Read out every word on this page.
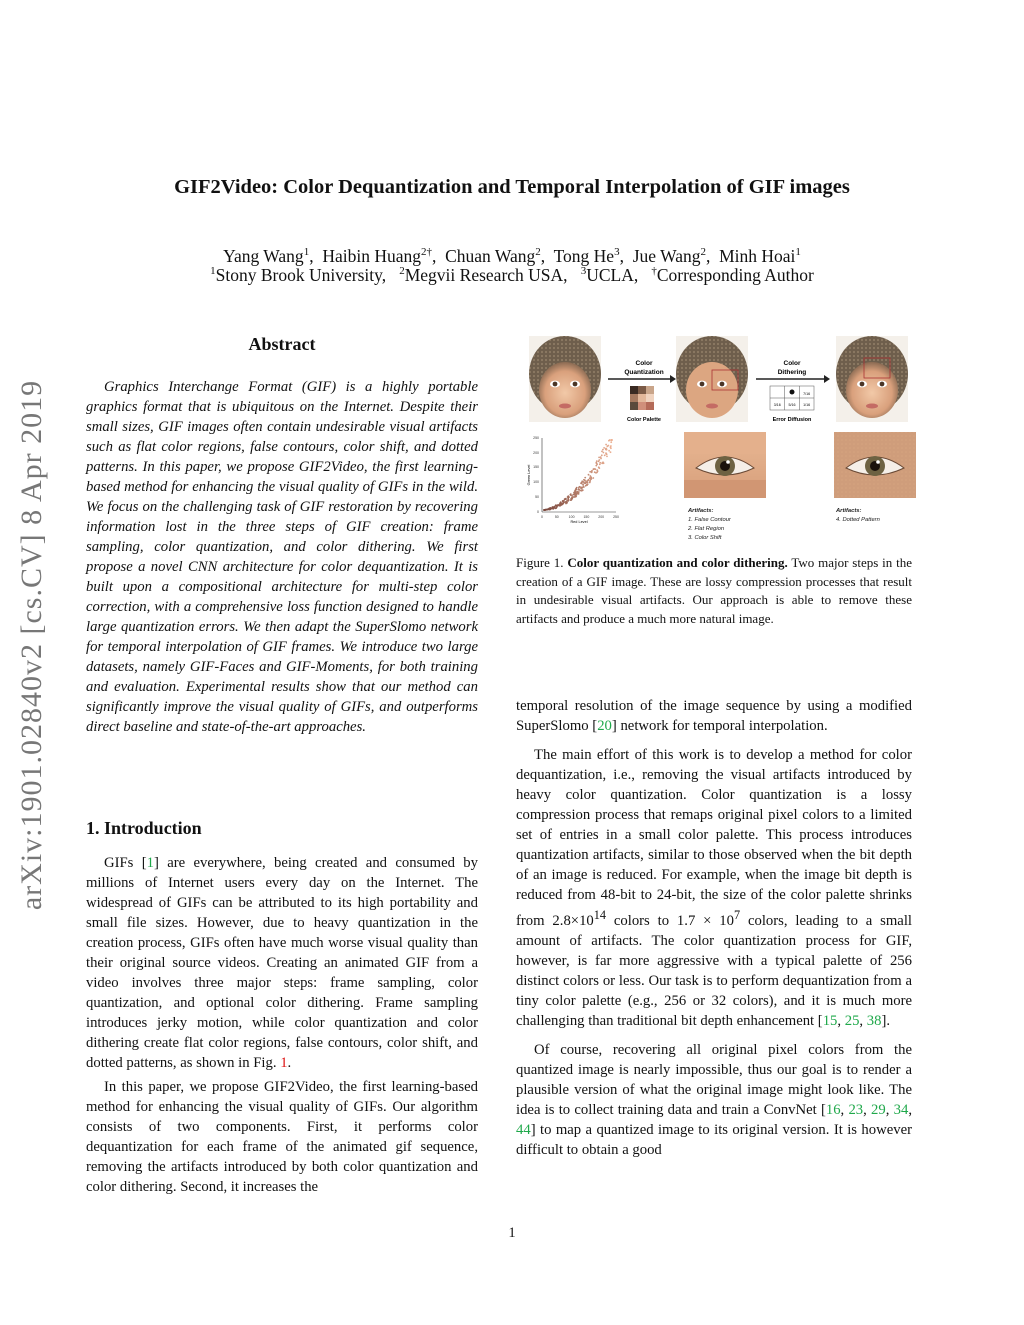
arXiv:1901.02840v2 [cs.CV] 8 Apr 2019
GIF2Video: Color Dequantization and Temporal Interpolation of GIF images
Yang Wang$^1$,  Haibin Huang$^{2\dagger}$,  Chuan Wang$^2$,  Tong He$^3$,  Jue Wang$^2$,  Minh Hoai$^1$
$^1$Stony Brook University, $^2$Megvii Research USA, $^3$UCLA, †Corresponding Author
Abstract
Graphics Interchange Format (GIF) is a highly portable graphics format that is ubiquitous on the Internet. Despite their small sizes, GIF images often contain undesirable visual artifacts such as flat color regions, false contours, color shift, and dotted patterns. In this paper, we propose GIF2Video, the first learning-based method for enhancing the visual quality of GIFs in the wild. We focus on the challenging task of GIF restoration by recovering information lost in the three steps of GIF creation: frame sampling, color quantization, and color dithering. We first propose a novel CNN architecture for color dequantization. It is built upon a compositional architecture for multi-step color correction, with a comprehensive loss function designed to handle large quantization errors. We then adapt the SuperSlomo network for temporal interpolation of GIF frames. We introduce two large datasets, namely GIF-Faces and GIF-Moments, for both training and evaluation. Experimental results show that our method can significantly improve the visual quality of GIFs, and outperforms direct baseline and state-of-the-art approaches.
1. Introduction

GIFs [1] are everywhere, being created and consumed by millions of Internet users every day on the Internet. The widespread of GIFs can be attributed to its high portability and small file sizes. However, due to heavy quantization in the creation process, GIFs often have much worse visual quality than their original source videos. Creating an animated GIF from a video involves three major steps: frame sampling, color quantization, and optional color dithering. Frame sampling introduces jerky motion, while color quantization and color dithering create flat color regions, false contours, color shift, and dotted patterns, as shown in Fig. 1.

In this paper, we propose GIF2Video, the first learning-based method for enhancing the visual quality of GIFs. Our algorithm consists of two components. First, it performs color dequantization for each frame of the animated gif sequence, removing the artifacts introduced by both color quantization and color dithering. Second, it increases the

Color
Quantization
Color Palette
Color
Dithering
7/16
3/16 5/16 1/16
Error Diffusion
0	50	100	150	200	250
0
50
100
150
200
250
Red Level
Green Level
Artifacts:
1. False Contour
2. Flat Region
3. Color Shift
Artifacts:
4. Dotted Pattern
Figure 1. Color quantization and color dithering. Two major steps in the creation of a GIF image. These are lossy compression processes that result in undesirable visual artifacts. Our approach is able to remove these artifacts and produce a much more natural image.

temporal resolution of the image sequence by using a modified SuperSlomo [20] network for temporal interpolation.

The main effort of this work is to develop a method for color dequantization, i.e., removing the visual artifacts introduced by heavy color quantization. Color quantization is a lossy compression process that remaps original pixel colors to a limited set of entries in a small color palette. This process introduces quantization artifacts, similar to those observed when the bit depth of an image is reduced. For example, when the image bit depth is reduced from 48-bit to 24-bit, the size of the color palette shrinks from $2.8\times 10^{14}$ colors to $1.7 \times 10^7$ colors, leading to a small amount of artifacts. The color quantization process for GIF, however, is far more aggressive with a typical palette of 256 distinct colors or less. Our task is to perform dequantization from a tiny color palette (e.g., 256 or 32 colors), and it is much more challenging than traditional bit depth enhancement [15, 25, 38].

Of course, recovering all original pixel colors from the quantized image is nearly impossible, thus our goal is to render a plausible version of what the original image might look like. The idea is to collect training data and train a ConvNet [16, 23, 29, 34, 44] to map a quantized image to its original version. It is however difficult to obtain a good

1
